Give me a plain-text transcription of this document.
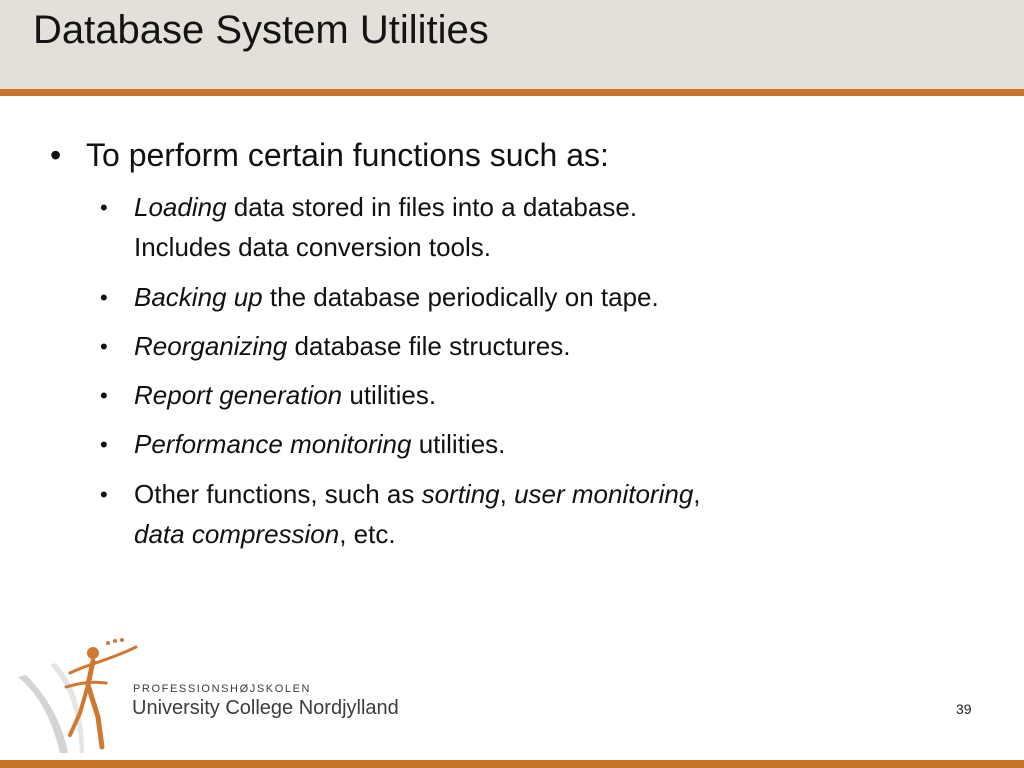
Database System Utilities
• To perform certain functions such as:
• Loading data stored in files into a database.
Includes data conversion tools.
• Backing up the database periodically on tape.
• Reorganizing database file structures.
• Report generation utilities.
• Performance monitoring utilities.
• Other functions, such as sorting, user monitoring,
data compression, etc.
PROFESSIONSHØJSKOLEN
University College Nordjylland	39
